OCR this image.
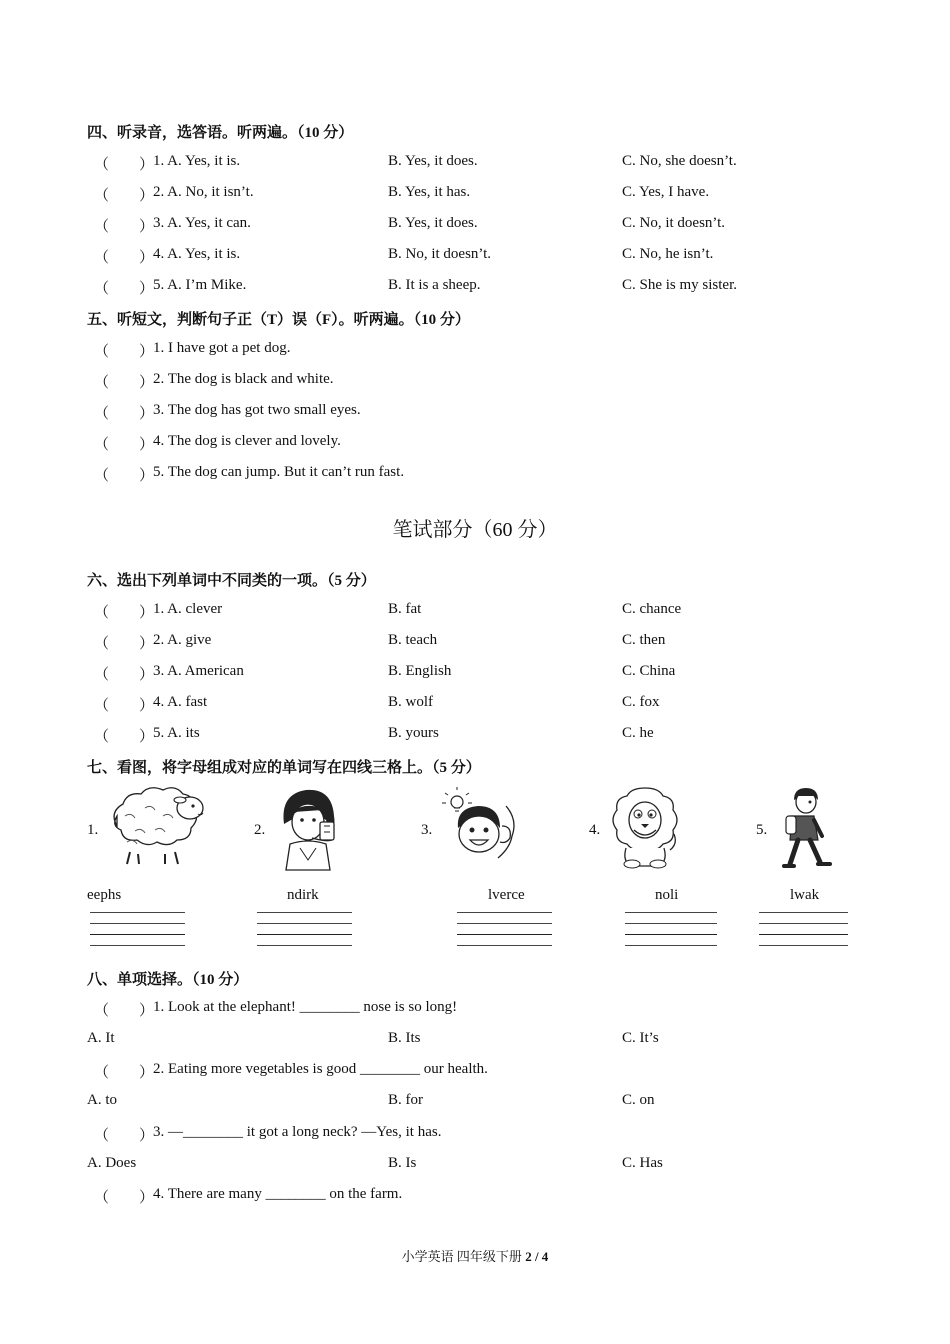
四、听录音，选答语。听两遍。（10 分）
（ ）
1. A. Yes, it is.	B. Yes, it does.	C. No, she doesn’t.
（ ）
2. A. No, it isn’t.	B. Yes, it has.	C. Yes, I have.
（ ）
3. A. Yes, it can.	B. Yes, it does.	C. No, it doesn’t.
（ ）
4. A. Yes, it is.	B. No, it doesn’t.	C. No, he isn’t.
（ ）
5. A. I’m Mike.	B. It is a sheep.	C. She is my sister.
五、听短文，判断句子正（T）误（F）。听两遍。（10 分）
（ ）
1. I have got a pet dog.
（ ）
2. The dog is black and white.
（ ）
3. The dog has got two small eyes.
（ ）
4. The dog is clever and lovely.
（ ）
5. The dog can jump. But it can’t run fast.
笔试部分（60 分）
六、选出下列单词中不同类的一项。（5 分）
（ ）
1. A. clever	B. fat	C. chance
（ ）
2. A. give	B. teach	C. then
（ ）
3. A. American	B. English	C. China
（ ）
4. A. fast	B. wolf	C. fox
（ ）
5. A. its	B. yours	C. he
七、看图，将字母组成对应的单词写在四线三格上。（5 分）
1.	2.	3.	4.	5.
eephs	ndirk	lverce	noli	lwak
八、单项选择。（10 分）
（ ）
1. Look at the elephant! ________ nose is so long!
A. It	B. Its	C. It’s
（ ）
2. Eating more vegetables is good ________ our health.
A. to	B. for	C. on
（ ）
3. —________ it got a long neck? —Yes, it has.
A. Does	B. Is	C. Has
（ ）
4. There are many ________ on the farm.
小学英语 四年级下册 2 / 4
